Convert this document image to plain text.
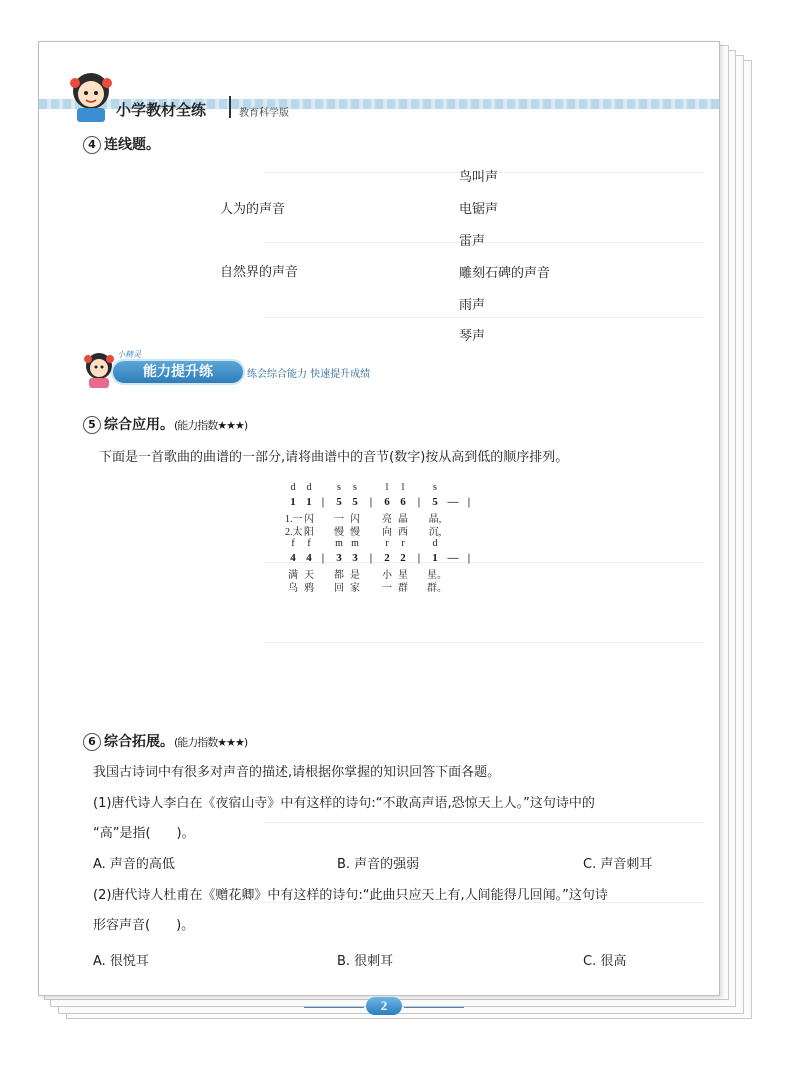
小学教材全练	教育科学版
4 连线题。
人为的声音
自然界的声音
鸟叫声
电锯声
雷声
雕刻石碑的声音
雨声
琴声
小精灵
能力提升练	练会综合能力 快速提升成绩
5 综合应用。(能力指数★★★)
下面是一首歌曲的曲谱的一部分,请将曲谱中的音节(数字)按从高到低的顺序排列。
d	d	s	s	l	l	s
1 1 |	5 5	|	6 6	|	5 — |
1.一 闪	一 闪	亮 晶	晶,
2.太 阳	慢 慢	向 西	沉,
f	f	m m	r	r	d
4 4 |	3 3	|	2 2	|	1 — |
满 天	都 是	小 星	星。
乌 鸦	回 家	一 群	群。
6 综合拓展。(能力指数★★★)
我国古诗词中有很多对声音的描述,请根据你掌握的知识回答下面各题。
(1)唐代诗人李白在《夜宿山寺》中有这样的诗句:“不敢高声语,恐惊天上人。”这句诗中的
“高”是指(　　)。
A. 声音的高低	B. 声音的强弱	C. 声音刺耳
(2)唐代诗人杜甫在《赠花卿》中有这样的诗句:“此曲只应天上有,人间能得几回闻。”这句诗
形容声音(　　)。
A. 很悦耳	B. 很刺耳	C. 很高
2
